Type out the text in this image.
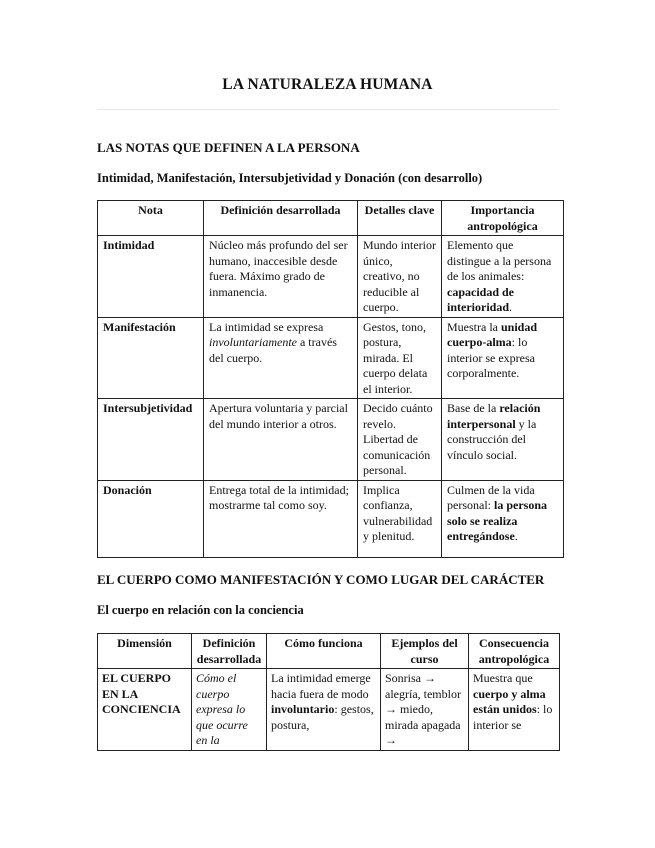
LA NATURALEZA HUMANA
LAS NOTAS QUE DEFINEN A LA PERSONA
Intimidad, Manifestación, Intersubjetividad y Donación (con desarrollo)
Nota	Definición desarrollada	Detalles clave	Importancia antropológica
Intimidad	Núcleo más profundo del ser humano, inaccesible desde fuera. Máximo grado de inmanencia.	Mundo interior único, creativo, no reducible al cuerpo.	Elemento que distingue a la persona de los animales: capacidad de interioridad.
Manifestación	La intimidad se expresa involuntariamente a través del cuerpo.	Gestos, tono, postura, mirada. El cuerpo delata el interior.	Muestra la unidad cuerpo-alma: lo interior se expresa corporalmente.
Intersubjetividad	Apertura voluntaria y parcial del mundo interior a otros.	Decido cuánto revelo. Libertad de comunicación personal.	Base de la relación interpersonal y la construcción del vínculo social.
Donación	Entrega total de la intimidad; mostrarme tal como soy.	Implica confianza, vulnerabilidad y plenitud.	Culmen de la vida personal: la persona solo se realiza entregándose.
EL CUERPO COMO MANIFESTACIÓN Y COMO LUGAR DEL CARÁCTER
El cuerpo en relación con la conciencia
Dimensión	Definición desarrollada	Cómo funciona	Ejemplos del curso	Consecuencia antropológica
EL CUERPO EN LA CONCIENCIA	Cómo el cuerpo expresa lo que ocurre en la	La intimidad emerge hacia fuera de modo involuntario: gestos, postura,	Sonrisa → alegría, temblor → miedo, mirada apagada →	Muestra que cuerpo y alma están unidos: lo interior se
